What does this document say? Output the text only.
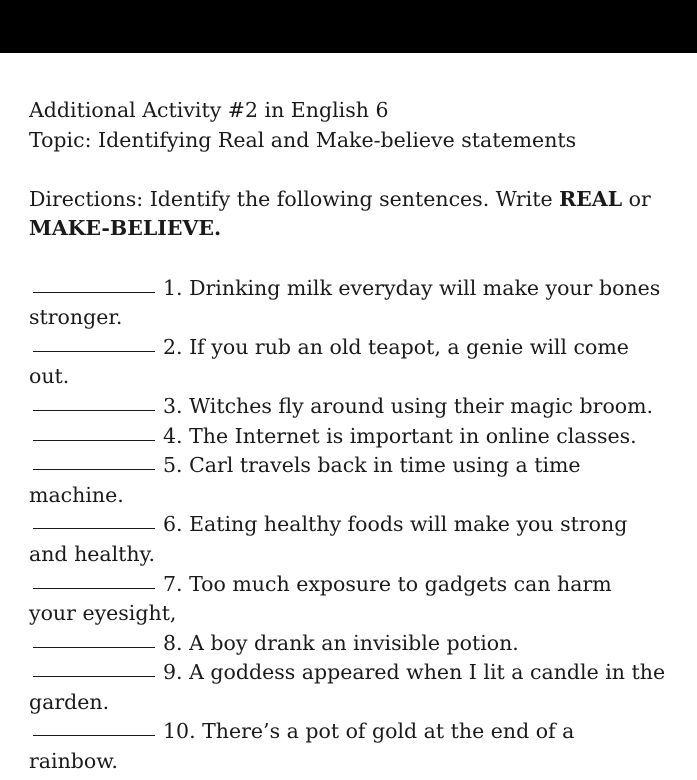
Additional Activity #2 in English 6
Topic: Identifying Real and Make-believe statements
Directions: Identify the following sentences. Write REAL or
MAKE-BELIEVE.
1. Drinking milk everyday will make your bones
stronger.
2. If you rub an old teapot, a genie will come
out.
3. Witches fly around using their magic broom.
4. The Internet is important in online classes.
5. Carl travels back in time using a time
machine.
6. Eating healthy foods will make you strong
and healthy.
7. Too much exposure to gadgets can harm
your eyesight,
8. A boy drank an invisible potion.
9. A goddess appeared when I lit a candle in the
garden.
10. There’s a pot of gold at the end of a
rainbow.
